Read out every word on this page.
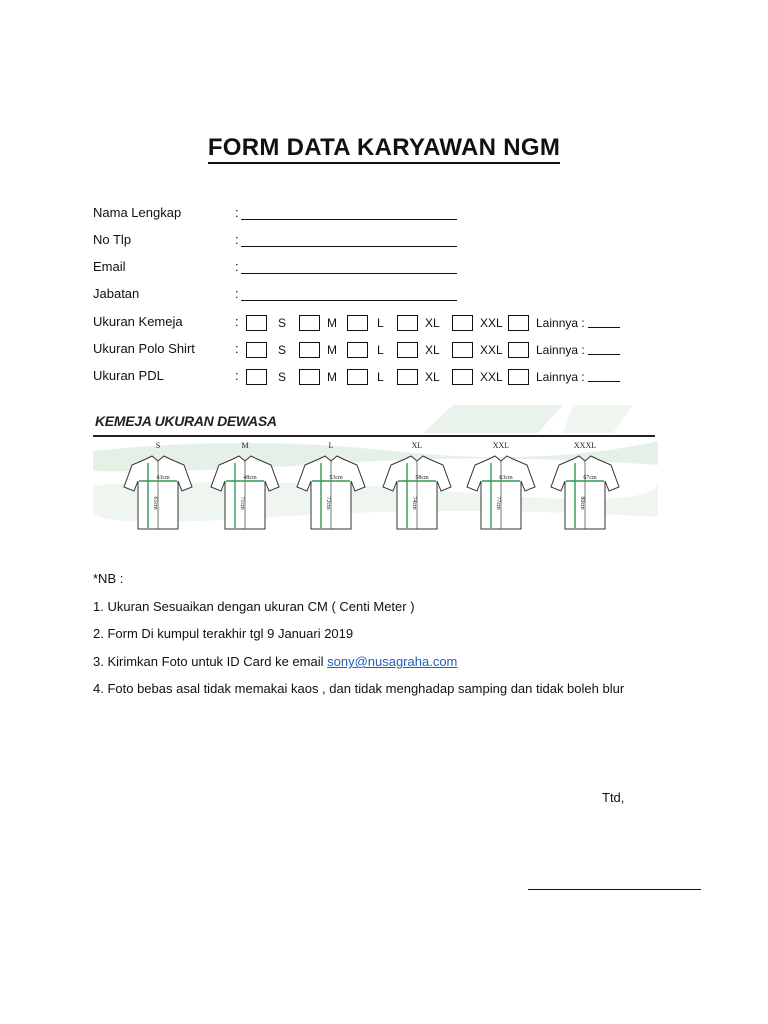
FORM DATA KARYAWAN NGM
Nama Lengkap	:
No Tlp	:
Email	:
Jabatan	:
Ukuran Kemeja	:	S	M	L	XL	XXL	Lainnya :
Ukuran Polo Shirt	:	S	M	L	XL	XXL	Lainnya :
Ukuran PDL	:	S	M	L	XL	XXL	Lainnya :
KEMEJA UKURAN DEWASA
S
43cm
65cm
M
48cm
71cm
L
53cm
72cm
XL
58cm
74cm
XXL
63cm
77cm
XXXL
67cm
80cm
*NB :
1. Ukuran Sesuaikan dengan ukuran CM ( Centi Meter )
2. Form Di kumpul terakhir tgl 9 Januari 2019
3. Kirimkan Foto untuk ID Card ke email sony@nusagraha.com
4. Foto bebas asal tidak memakai kaos , dan tidak menghadap samping dan tidak boleh blur
Ttd,
